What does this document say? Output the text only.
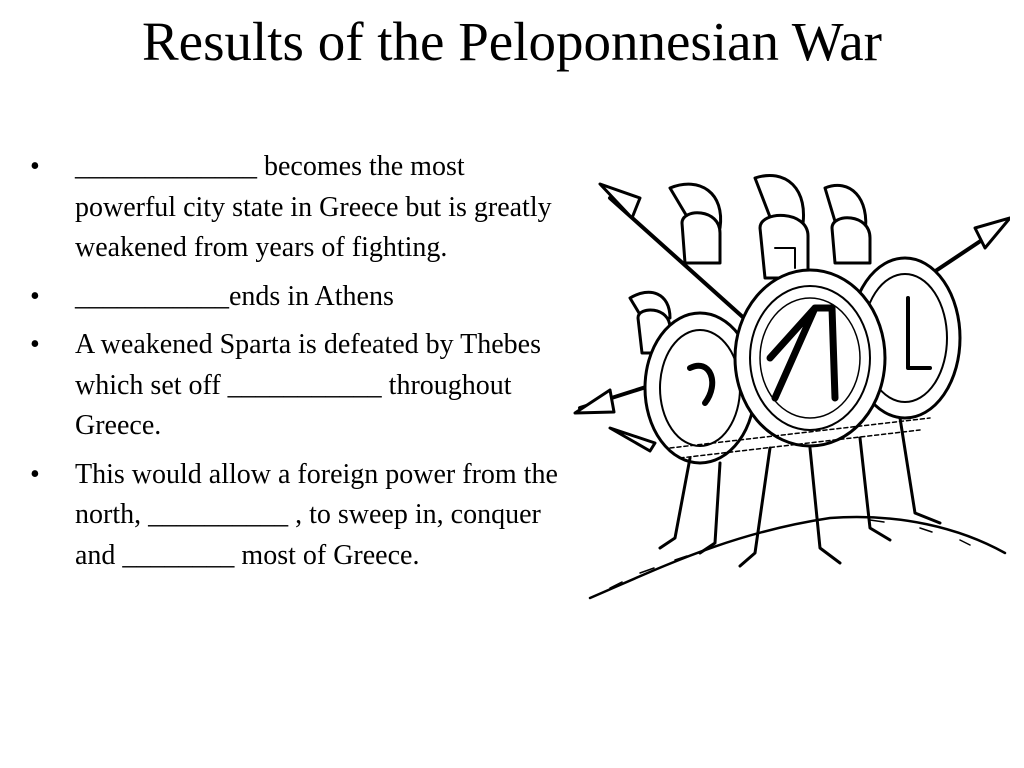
Results of the Peloponnesian War
•	_____________ becomes the most powerful city state in Greece but is greatly weakened from years of fighting.
•	___________ends in Athens
•	A weakened Sparta is defeated by Thebes which set off ___________ throughout Greece.
•	This would allow a foreign power from the north, __________ , to sweep in, conquer and ________ most of Greece.
